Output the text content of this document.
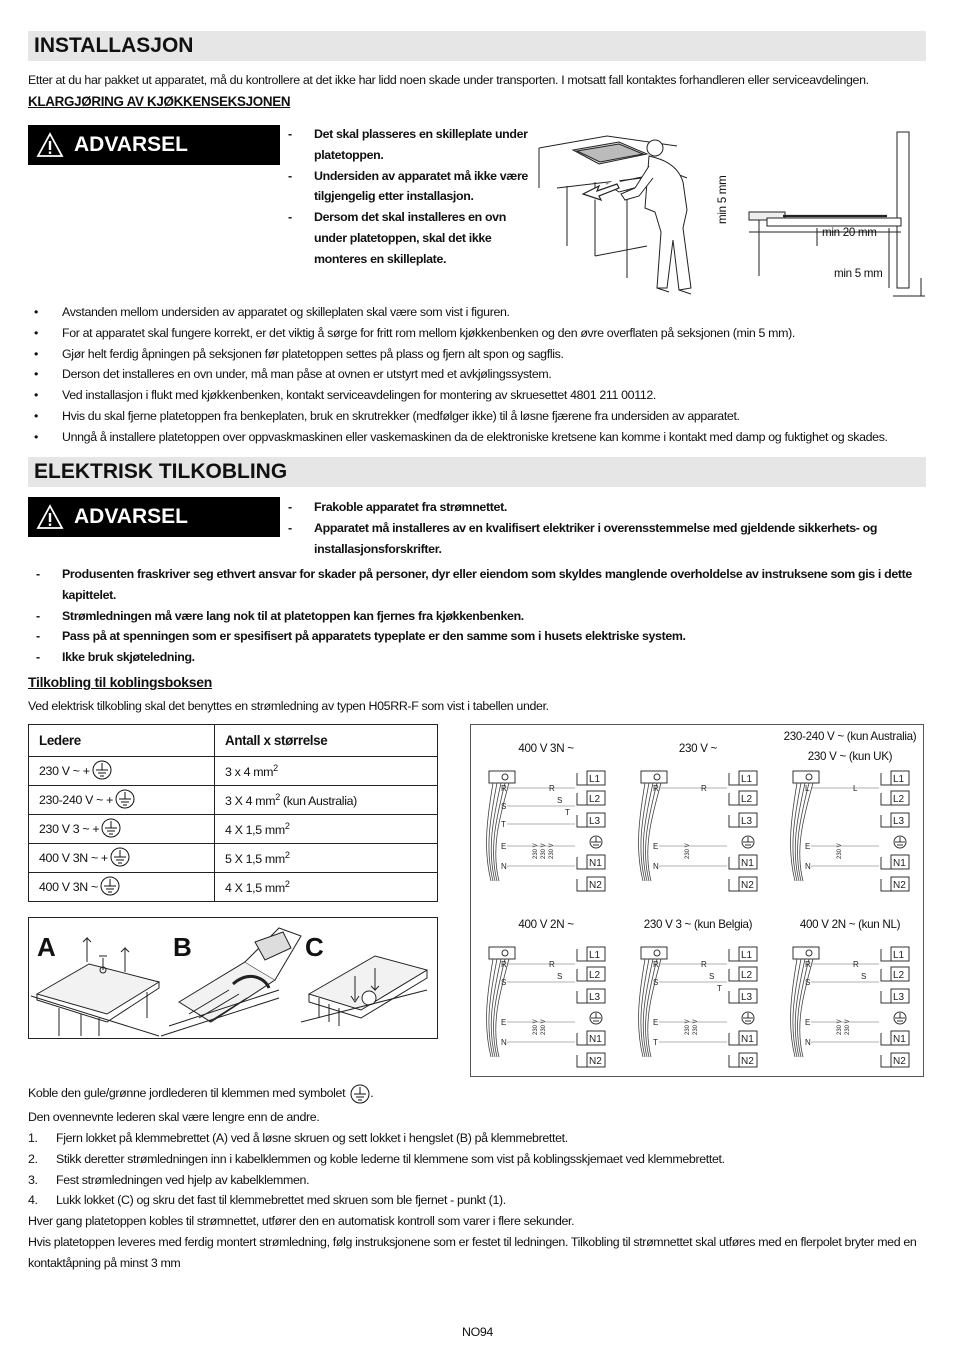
INSTALLASJON
Etter at du har pakket ut apparatet, må du kontrollere at det ikke har lidd noen skade under transporten. I motsatt fall kontaktes forhandleren eller serviceavdelingen.
KLARGJØRING AV KJØKKENSEKSJONEN
ADVARSEL	- Det skal plasseres en skilleplate under platetoppen.
- Undersiden av apparatet må ikke være tilgjengelig etter installasjon.
- Dersom det skal installeres en ovn under platetoppen, skal det ikke monteres en skilleplate.
min 5 mm
min 20 mm
min 5 mm
• Avstanden mellom undersiden av apparatet og skilleplaten skal være som vist i figuren.
• For at apparatet skal fungere korrekt, er det viktig å sørge for fritt rom mellom kjøkkenbenken og den øvre overflaten på seksjonen (min 5 mm).
• Gjør helt ferdig åpningen på seksjonen før platetoppen settes på plass og fjern alt spon og sagflis.
• Derson det installeres en ovn under, må man påse at ovnen er utstyrt med et avkjølingssystem.
• Ved installasjon i flukt med kjøkkenbenken, kontakt serviceavdelingen for montering av skruesettet 4801 211 00112.
• Hvis du skal fjerne platetoppen fra benkeplaten, bruk en skrutrekker (medfølger ikke) til å løsne fjærene fra undersiden av apparatet.
• Unngå å installere platetoppen over oppvaskmaskinen eller vaskemaskinen da de elektroniske kretsene kan komme i kontakt med damp og fuktighet og skades.
ELEKTRISK TILKOBLING
ADVARSEL	- Frakoble apparatet fra strømnettet.
- Apparatet må installeres av en kvalifisert elektriker i overensstemmelse med gjeldende sikkerhets- og installasjonsforskrifter.
- Produsenten fraskriver seg ethvert ansvar for skader på personer, dyr eller eiendom som skyldes manglende overholdelse av instruksene som gis i dette kapittelet.
- Strømledningen må være lang nok til at platetoppen kan fjernes fra kjøkkenbenken.
- Pass på at spenningen som er spesifisert på apparatets typeplate er den samme som i husets elektriske system.
- Ikke bruk skjøteledning.
Tilkobling til koblingsboksen
Ved elektrisk tilkobling skal det benyttes en strømledning av typen H05RR-F som vist i tabellen under.
Ledere	Antall x størrelse
230 V ~ +	3 x 4 $mm^2$
230-240 V ~ +	3 X 4 $mm^2$ (kun Australia)
230 V 3 ~ +	4 X 1,5 $mm^2$
400 V 3N ~ +	5 X 1,5 $mm^2$
400 V 3N ~	4 X 1,5 $mm^2$
A	B	C
400 V 3N ~
L1
L2
L3
N1
N2
R
S
T
E
N
R
S
T
230 V 230 V 230 V
230 V ~
L1
L2
L3
N1
N2
R
E
N
R
230 V
230-240 V ~ (kun Australia)
230 V ~ (kun UK)
L1
L2
L3
N1
N2
L
E
N
L
230 V
400 V 2N ~
L1
L2
L3
N1
N2
R
S
E
N
R
S
230 V 230 V
230 V 3 ~ (kun Belgia)
L1
L2
L3
N1
N2
R
S
E
T
R
S
T
230 V 230 V
400 V 2N ~ (kun NL)
L1
L2
L3
N1
N2
R
S
E
N
R
S
230 V 230 V
Koble den gule/grønne jordlederen til klemmen med symbolet .
Den ovennevnte lederen skal være lengre enn de andre.
1. Fjern lokket på klemmebrettet (A) ved å løsne skruen og sett lokket i hengslet (B) på klemmebrettet.
2. Stikk deretter strømledningen inn i kabelklemmen og koble lederne til klemmene som vist på koblingsskjemaet ved klemmebrettet.
3. Fest strømledningen ved hjelp av kabelklemmen.
4. Lukk lokket (C) og skru det fast til klemmebrettet med skruen som ble fjernet - punkt (1).
Hver gang platetoppen kobles til strømnettet, utfører den en automatisk kontroll som varer i flere sekunder.
Hvis platetoppen leveres med ferdig montert strømledning, følg instruksjonene som er festet til ledningen. Tilkobling til strømnettet skal utføres med en flerpolet bryter med en kontaktåpning på minst 3 mm
NO94
